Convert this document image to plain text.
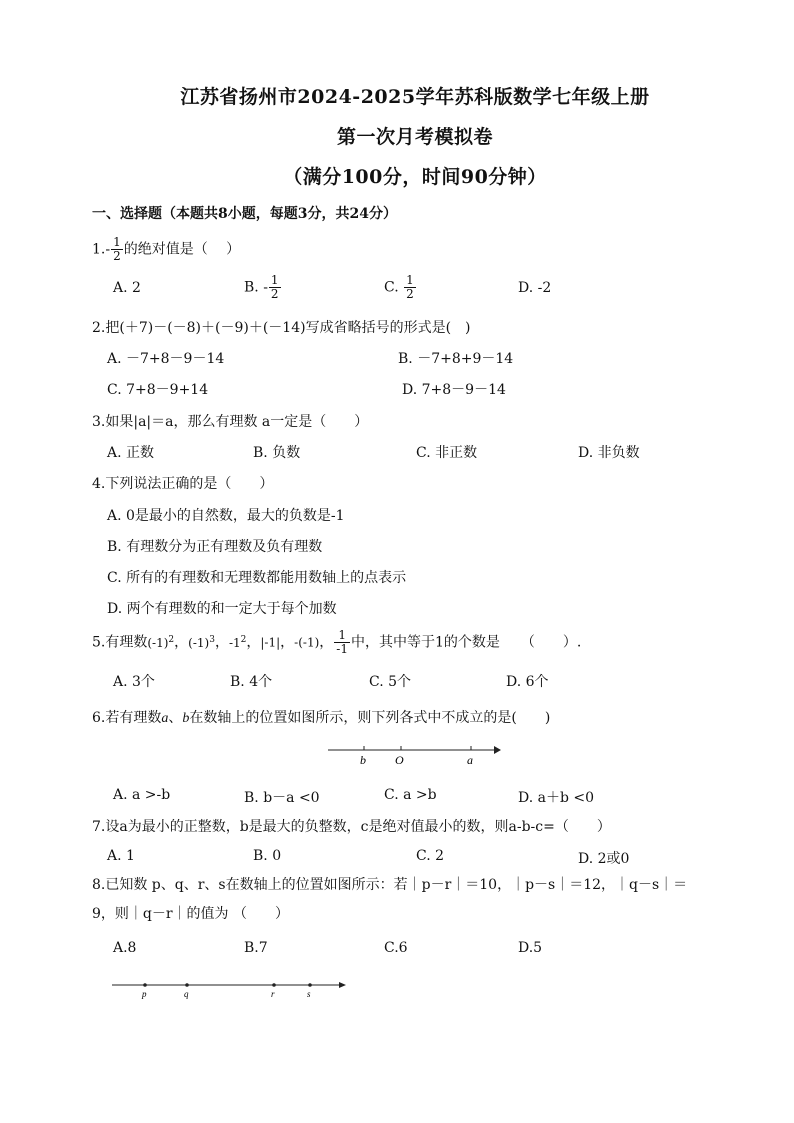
江苏省扬州市2024-2025学年苏科版数学七年级上册
第一次月考模拟卷
（满分100分，时间90分钟）
一、选择题（本题共8小题，每题3分，共24分）
$1.- \frac{1}{2}$ 的绝对值是（　 ）
A. 2	B. - $\frac{1}{2}$	C. $\frac{1}{2}$	D. -2
2.把(＋7)－(－8)＋(－9)＋(－14)写成省略括号的形式是(　)
A. －7+8－9－14	B. －7+8+9－14
C. 7+8－9+14	D. 7+8－9－14
3.如果|a|＝a，那么有理数 a一定是（　　）
A. 正数	B. 负数	C. 非正数	D. 非负数
4.下列说法正确的是（　　）
A. 0是最小的自然数，最大的负数是-1
B. 有理数分为正有理数及负有理数
C. 所有的有理数和无理数都能用数轴上的点表示
D. 两个有理数的和一定大于每个加数
5.有理数$(-1)^2$，$(-1)^3$，$-1^2$，|-1|，-(-1)， $\frac{1}{-1}$ 中，其中等于1的个数是　　（　　）.
A. 3个	B. 4个	C. 5个	D. 6个
6.若有理数a、b在数轴上的位置如图所示，则下列各式中不成立的是(　　)
b O	a
A. a >-b	B. b－a <0	C. a >b	D. a＋b <0
7.设a为最小的正整数，b是最大的负整数，c是绝对值最小的数，则a-b-c=（　　）
A. 1	B. 0	C. 2	D. 2或0
8.已知数 p、q、r、s在数轴上的位置如图所示：若｜p－r｜＝10，｜p－s｜＝12，｜q－s｜＝
9，则｜q－r｜的值为 （　　）
A.8	B.7	C.6	D.5
p	q	r	s
